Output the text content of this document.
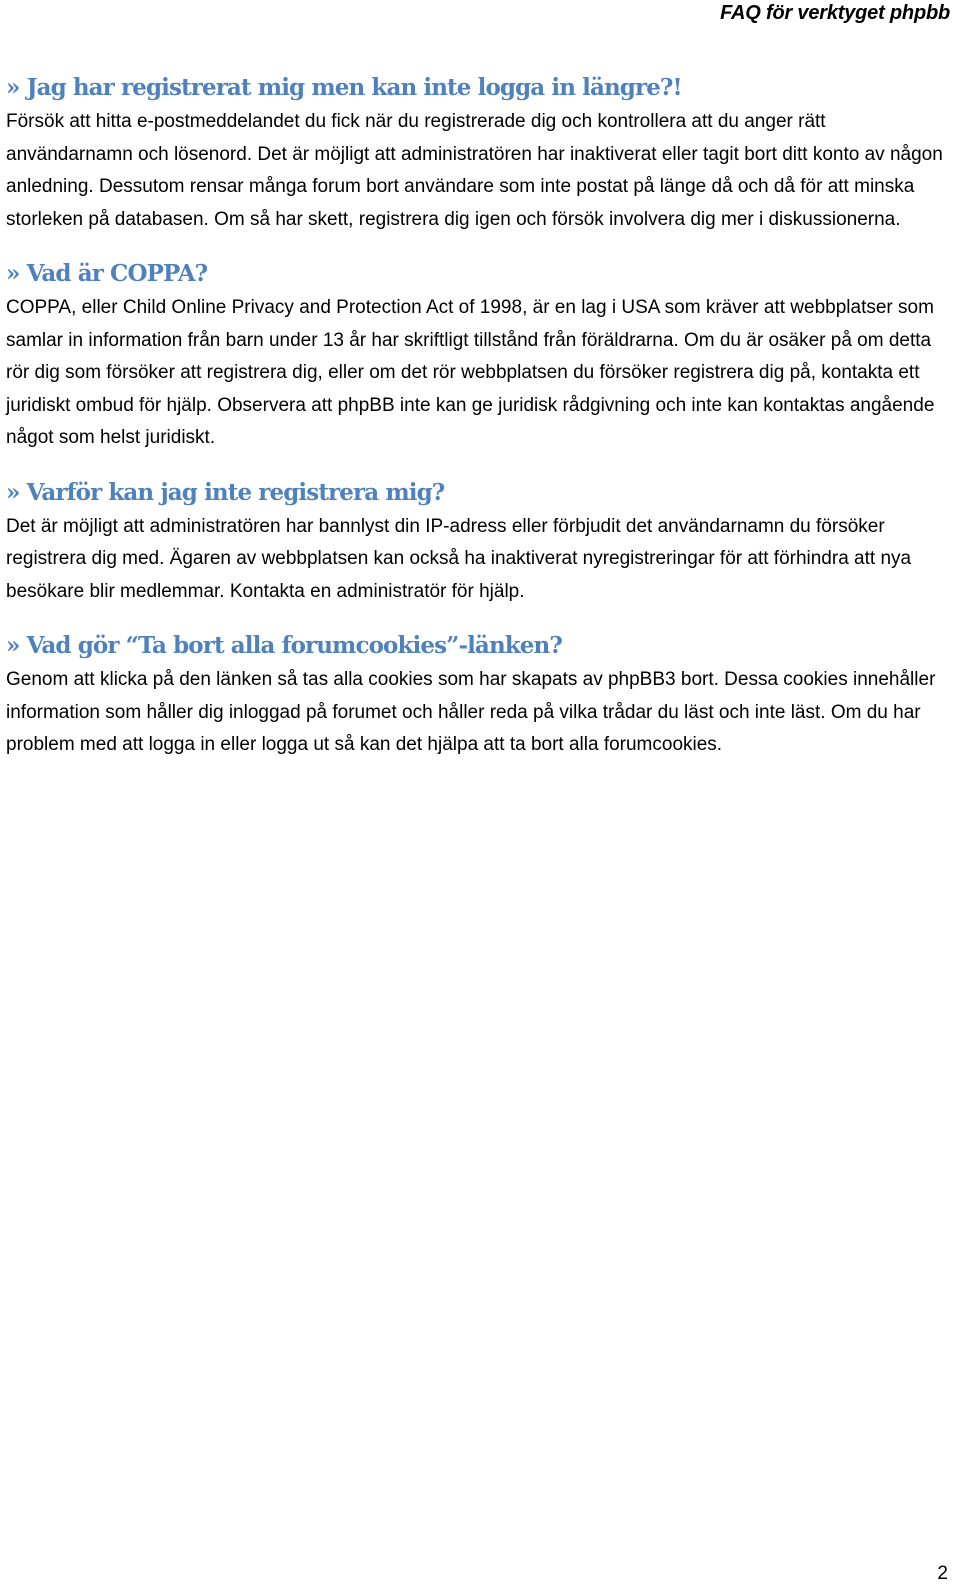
FAQ för verktyget phpbb
» Jag har registrerat mig men kan inte logga in längre?!

Försök att hitta e-postmeddelandet du fick när du registrerade dig och kontrollera att du anger rätt användarnamn och lösenord. Det är möjligt att administratören har inaktiverat eller tagit bort ditt konto av någon anledning. Dessutom rensar många forum bort användare som inte postat på länge då och då för att minska storleken på databasen. Om så har skett, registrera dig igen och försök involvera dig mer i diskussionerna.

» Vad är COPPA?

COPPA, eller Child Online Privacy and Protection Act of 1998, är en lag i USA som kräver att webbplatser som samlar in information från barn under 13 år har skriftligt tillstånd från föräldrarna. Om du är osäker på om detta rör dig som försöker att registrera dig, eller om det rör webbplatsen du försöker registrera dig på, kontakta ett juridiskt ombud för hjälp. Observera att phpBB inte kan ge juridisk rådgivning och inte kan kontaktas angående något som helst juridiskt.

» Varför kan jag inte registrera mig?

Det är möjligt att administratören har bannlyst din IP-adress eller förbjudit det användarnamn du försöker registrera dig med. Ägaren av webbplatsen kan också ha inaktiverat nyregistreringar för att förhindra att nya besökare blir medlemmar. Kontakta en administratör för hjälp.

» Vad gör “Ta bort alla forumcookies”-länken?

Genom att klicka på den länken så tas alla cookies som har skapats av phpBB3 bort. Dessa cookies innehåller information som håller dig inloggad på forumet och håller reda på vilka trådar du läst och inte läst. Om du har problem med att logga in eller logga ut så kan det hjälpa att ta bort alla forumcookies.

2
